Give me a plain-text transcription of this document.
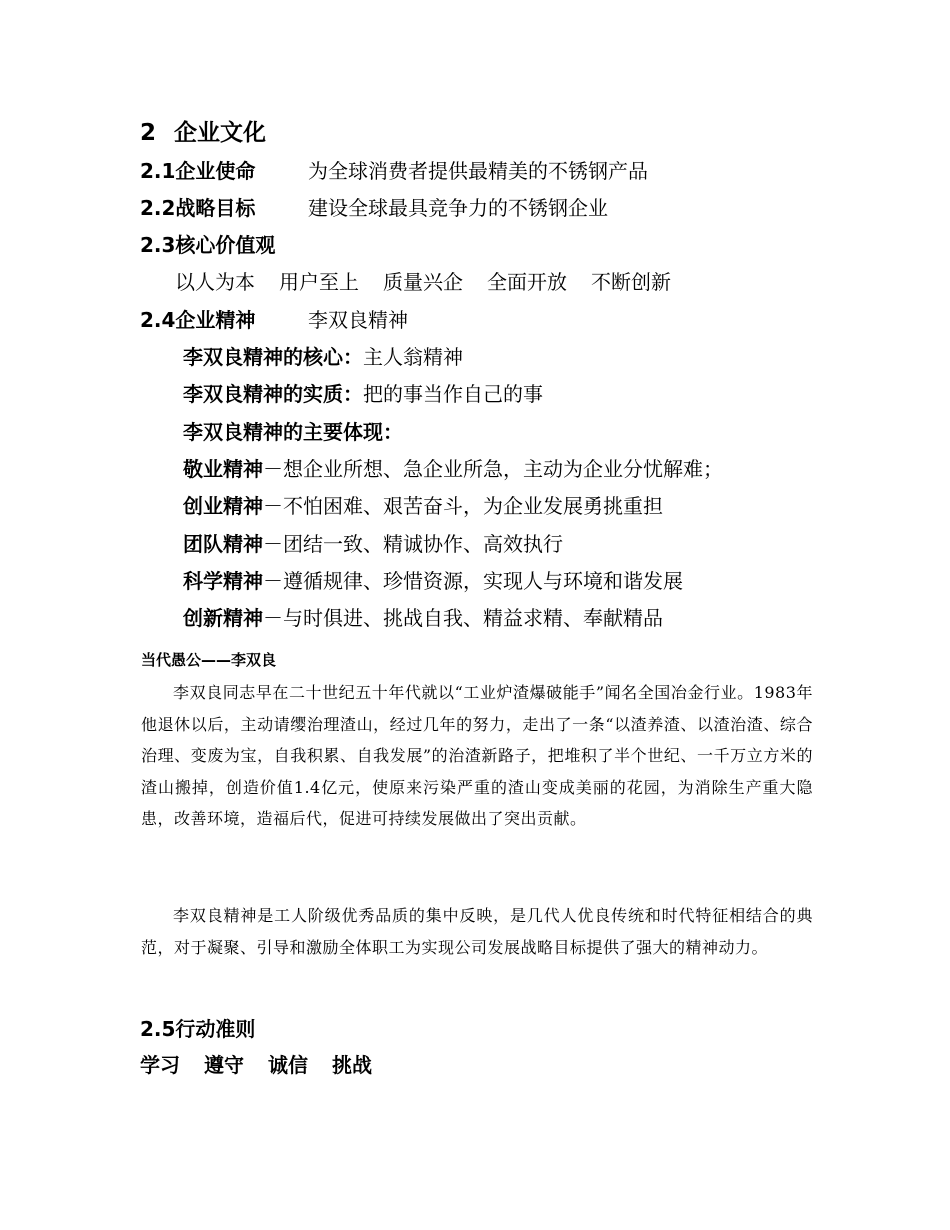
2 企业文化
2.1企业使命	为全球消费者提供最精美的不锈钢产品
2.2战略目标	建设全球最具竞争力的不锈钢企业
2.3核心价值观
以人为本 用户至上 质量兴企 全面开放 不断创新
2.4企业精神	李双良精神
李双良精神的核心：主人翁精神
李双良精神的实质：把的事当作自己的事
李双良精神的主要体现：
敬业精神－想企业所想、急企业所急，主动为企业分忧解难；
创业精神－不怕困难、艰苦奋斗，为企业发展勇挑重担
团队精神－团结一致、精诚协作、高效执行
科学精神－遵循规律、珍惜资源，实现人与环境和谐发展
创新精神－与时俱进、挑战自我、精益求精、奉献精品
当代愚公——李双良
李双良同志早在二十世纪五十年代就以“工业炉渣爆破能手”闻名全国冶金行业。1983年他退休以后，主动请缨治理渣山，经过几年的努力，走出了一条“以渣养渣、以渣治渣、综合治理、变废为宝，自我积累、自我发展”的治渣新路子，把堆积了半个世纪、一千万立方米的渣山搬掉，创造价值1.4亿元，使原来污染严重的渣山变成美丽的花园，为消除生产重大隐患，改善环境，造福后代，促进可持续发展做出了突出贡献。
李双良精神是工人阶级优秀品质的集中反映，是几代人优良传统和时代特征相结合的典范，对于凝聚、引导和激励全体职工为实现公司发展战略目标提供了强大的精神动力。
2.5行动准则
学习 遵守 诚信 挑战
